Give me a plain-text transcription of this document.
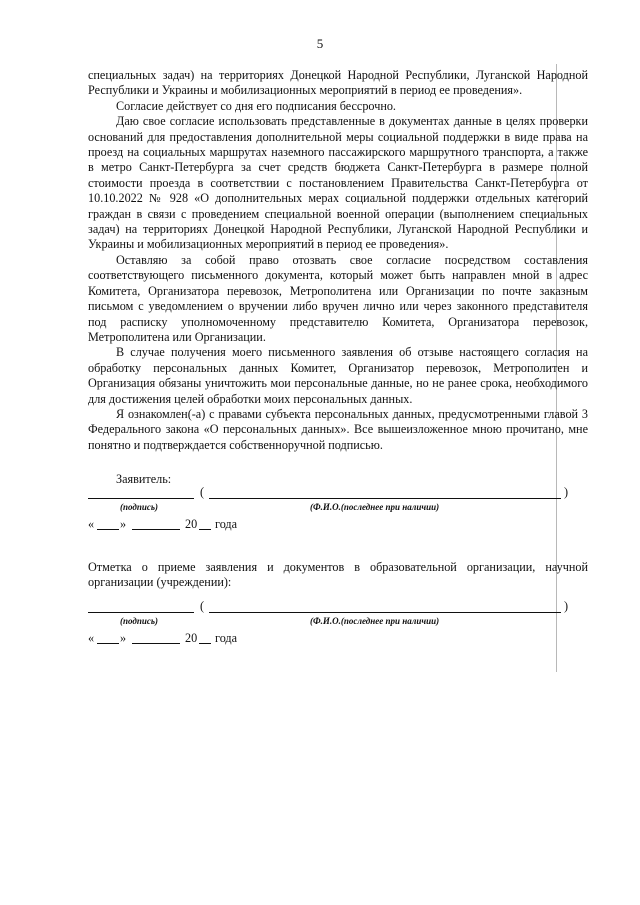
5

специальных задач) на территориях Донецкой Народной Республики, Луганской Народной Республики и Украины и мобилизационных мероприятий в период ее проведения».

Согласие действует со дня его подписания бессрочно.

Даю свое согласие использовать представленные в документах данные в целях проверки оснований для предоставления дополнительной меры социальной поддержки в виде права на проезд на социальных маршрутах наземного пассажирского маршрутного транспорта, а также в метро Санкт-Петербурга за счет средств бюджета Санкт-Петербурга в размере полной стоимости проезда в соответствии с постановлением Правительства Санкт-Петербурга от 10.10.2022 № 928 «О дополнительных мерах социальной поддержки отдельных категорий граждан в связи с проведением специальной военной операции (выполнением специальных задач) на территориях Донецкой Народной Республики, Луганской Народной Республики и Украины и мобилизационных мероприятий в период ее проведения».

Оставляю за собой право отозвать свое согласие посредством составления соответствующего письменного документа, который может быть направлен мной в адрес Комитета, Организатора перевозок, Метрополитена или Организации по почте заказным письмом с уведомлением о вручении либо вручен лично или через законного представителя под расписку уполномоченному представителю Комитета, Организатора перевозок, Метрополитена или Организации.

В случае получения моего письменного заявления об отзыве настоящего согласия на обработку персональных данных Комитет, Организатор перевозок, Метрополитен и Организация обязаны уничтожить мои персональные данные, но не ранее срока, необходимого для достижения целей обработки моих персональных данных.

Я ознакомлен(-а) с правами субъекта персональных данных, предусмотренными главой 3 Федерального закона «О персональных данных». Все вышеизложенное мною прочитано, мне понятно и подтверждается собственноручной подписью.

Заявитель:
(	)
(подпись)	(Ф.И.О.(последнее при наличии)
« »	20 года

Отметка о приеме заявления и документов в образовательной организации, научной организации (учреждении):

(	)
(подпись)	(Ф.И.О.(последнее при наличии)
« »	20 года
